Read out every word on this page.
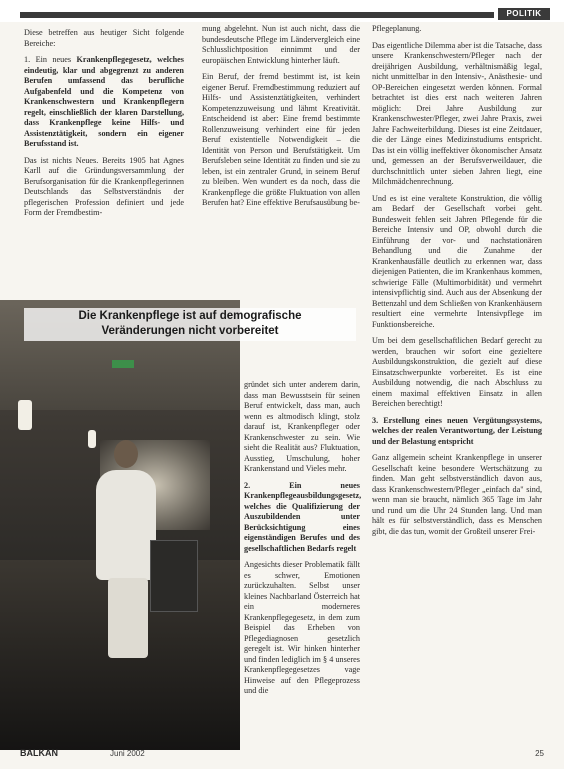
POLITIK

Diese betreffen aus heutiger Sicht folgende Bereiche:

1. Ein neues Krankenpflegegesetz, welches eindeutig, klar und abgegrenzt zu anderen Berufen umfassend das berufliche Aufgabenfeld und die Kompetenz von Krankenschwestern und Krankenpflegern regelt, einschließlich der klaren Darstellung, dass Krankenpflege keine Hilfs- und Assistenztätigkeit, sondern ein eigener Berufsstand ist.

Das ist nichts Neues. Bereits 1905 hat Agnes Karll auf die Gründungsversammlung der Berufsorganisation für die Krankenpflegerinnen Deutschlands das Selbstverständnis der pflegerischen Profession definiert und jede Form der Fremdbestim-

mung abgelehnt. Nun ist auch nicht, dass die bundesdeutsche Pflege im Ländervergleich eine Schlusslichtposition einnimmt und der europäischen Entwicklung hinterher läuft.

Ein Beruf, der fremd bestimmt ist, ist kein eigener Beruf. Fremdbestimmung reduziert auf Hilfs- und Assistenztätigkeiten, verhindert Kompetenzzuweisung und lähmt Kreativität. Entscheidend ist aber: Eine fremd bestimmte Rollenzuweisung verhindert eine für jeden Beruf existentielle Notwendigkeit – die Identität von Person und Berufstätigkeit. Um Berufsleben seine Identität zu finden und sie zu leben, ist ein zentraler Grund, in seinem Beruf zu bleiben. Wen wundert es da noch, dass die Krankenpflege die größte Fluktuation von allen Berufen hat? Eine effektive Berufsausübung be-

Die Krankenpflege ist auf demografische
Veränderungen nicht vorbereitet

gründet sich unter anderem darin, dass man Bewusstsein für seinen Beruf entwickelt, dass man, auch wenn es altmodisch klingt, stolz darauf ist, Krankenpfleger oder Krankenschwester zu sein. Wie sieht die Realität aus? Fluktuation, Ausstieg, Umschulung, hoher Krankenstand und Vieles mehr.

2. Ein neues Krankenpflegeausbildungsgesetz, welches die Qualifizierung der Auszubildenden unter Berücksichtigung eines eigenständigen Berufes und des gesellschaftlichen Bedarfs regelt

Angesichts dieser Problematik fällt es schwer, Emotionen zurückzuhalten. Selbst unser kleines Nachbarland Österreich hat ein moderneres Krankenpflegegesetz, in dem zum Beispiel das Erheben von Pflegediagnosen gesetzlich geregelt ist. Wir hinken hinterher und finden lediglich im § 4 unseres Krankenpflegegesetzes vage Hinweise auf den Pflegeprozess und die

Pflegeplanung.

Das eigentliche Dilemma aber ist die Tatsache, dass unsere Krankenschwestern/Pfleger nach der dreijährigen Ausbildung, verhältnismäßig legal, nicht unmittelbar in den Intensiv-, Anästhesie- und OP-Bereichen eingesetzt werden können. Formal betrachtet ist dies erst nach weiteren Jahren möglich: Drei Jahre Ausbildung zur Krankenschwester/Pfleger, zwei Jahre Praxis, zwei Jahre Fachweiterbildung. Dieses ist eine Zeitdauer, die der Länge eines Medizinstudiums entspricht. Das ist ein völlig ineffektiver ökonomischer Ansatz und, gemessen an der Berufsverweildauer, die durchschnittlich unter sieben Jahren liegt, eine Milchmädchenrechnung.

Und es ist eine veraltete Konstruktion, die völlig am Bedarf der Gesellschaft vorbei geht. Bundesweit fehlen seit Jahren Pflegende für die Bereiche Intensiv und OP, obwohl durch die Einführung der vor- und nachstationären Behandlung und die Zunahme der Krankenhausfälle deutlich zu erkennen war, dass diejenigen Patienten, die im Krankenhaus kommen, schwierige Fälle (Multimorbidität) und vermehrt intensivpflichtig sind. Auch aus der Absenkung der Bettenzahl und dem Schließen von Krankenhäusern resultiert eine vermehrte Intensivpflege im Funktionsbereiche.

Um bei dem gesellschaftlichen Bedarf gerecht zu werden, brauchen wir sofort eine gezieltere Ausbildungskonstruktion, die gezielt auf diese Einsatzschwerpunkte vorbereitet. Es ist eine Ausbildung notwendig, die nach Abschluss zu einem maximal effektiven Einsatz in allen Bereichen berechtigt!

3. Erstellung eines neuen Vergütungssystems, welches der realen Verantwortung, der Leistung und der Belastung entspricht

Ganz allgemein scheint Krankenpflege in unserer Gesellschaft keine besondere Wertschätzung zu finden. Man geht selbstverständlich davon aus, dass Krankenschwestern/Pfleger „einfach da" sind, wenn man sie braucht, nämlich 365 Tage im Jahr und rund um die Uhr 24 Stunden lang. Und man hält es für selbstverständlich, dass es Menschen gibt, die das tun, womit der Großteil unserer Frei-

BALKAN	Juni 2002	25
